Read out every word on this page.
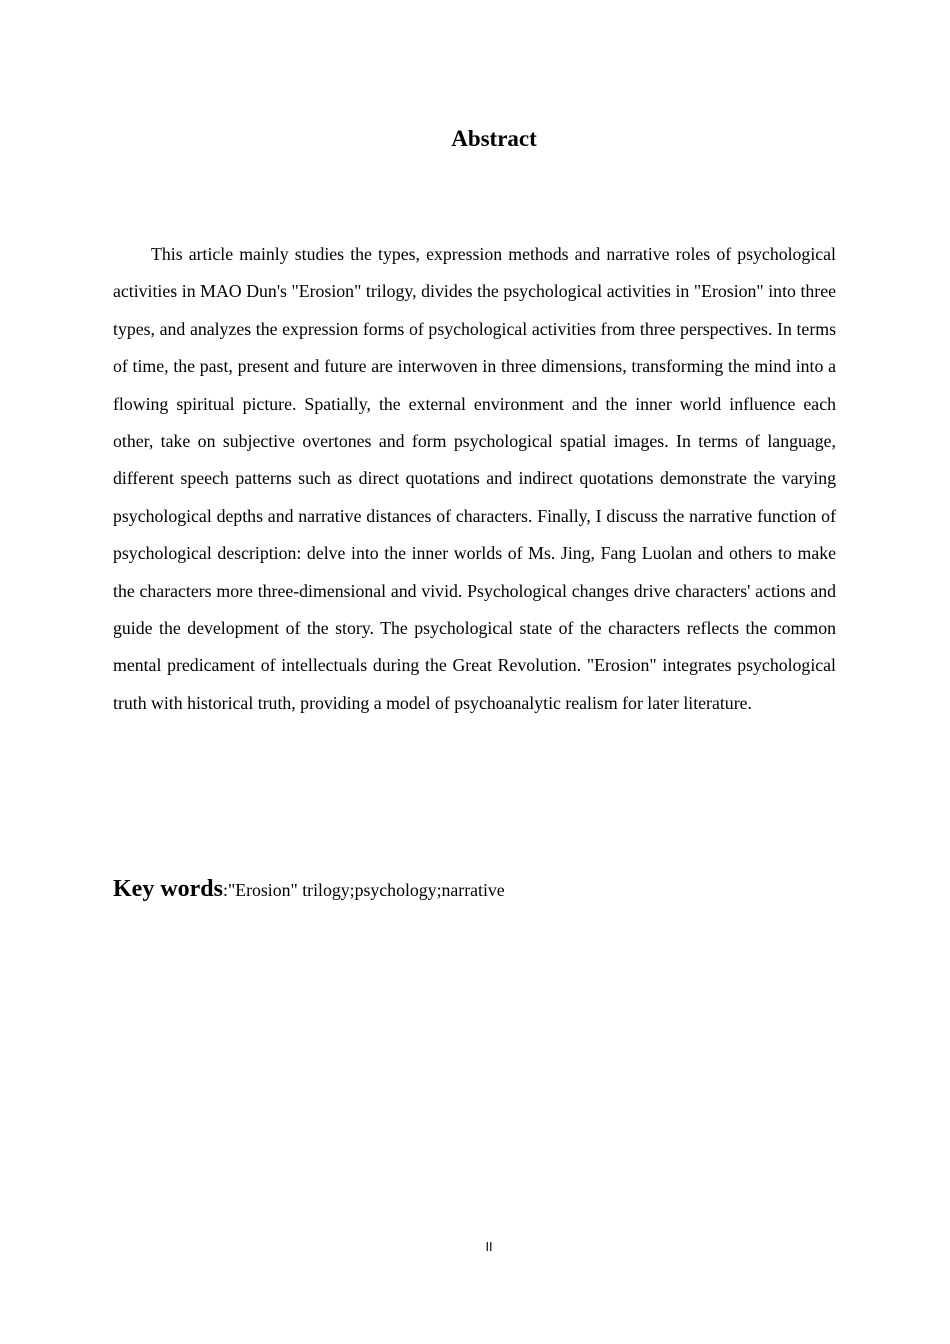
Abstract

This article mainly studies the types, expression methods and narrative roles of psychological activities in MAO Dun's "Erosion" trilogy, divides the psychological activities in "Erosion" into three types, and analyzes the expression forms of psychological activities from three perspectives. In terms of time, the past, present and future are interwoven in three dimensions, transforming the mind into a flowing spiritual picture. Spatially, the external environment and the inner world influence each other, take on subjective overtones and form psychological spatial images. In terms of language, different speech patterns such as direct quotations and indirect quotations demonstrate the varying psychological depths and narrative distances of characters. Finally, I discuss the narrative function of psychological description: delve into the inner worlds of Ms. Jing, Fang Luolan and others to make the characters more three-dimensional and vivid. Psychological changes drive characters' actions and guide the development of the story. The psychological state of the characters reflects the common mental predicament of intellectuals during the Great Revolution. "Erosion" integrates psychological truth with historical truth, providing a model of psychoanalytic realism for later literature.

Key words:"Erosion" trilogy;psychology;narrative
II
